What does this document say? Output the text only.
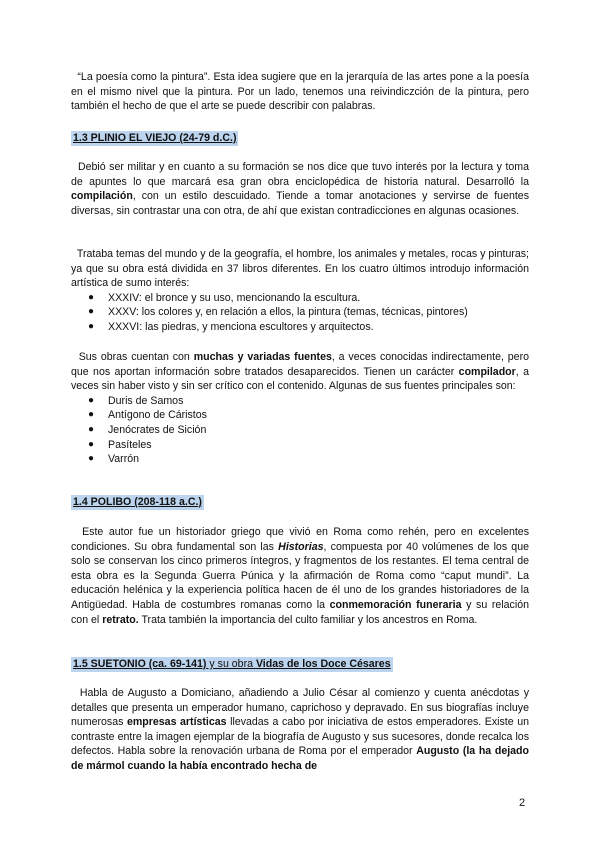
“La poesía como la pintura”. Esta idea sugiere que en la jerarquía de las artes pone a la poesía en el mismo nivel que la pintura. Por un lado, tenemos una reivindiczción de la pintura, pero también el hecho de que el arte se puede describir con palabras.

1.3 PLINIO EL VIEJO (24-79 d.C.)

Debió ser militar y en cuanto a su formación se nos dice que tuvo interés por la lectura y toma de apuntes lo que marcará esa gran obra enciclopédica de historia natural. Desarrolló la compilación, con un estilo descuidado. Tiende a tomar anotaciones y servirse de fuentes diversas, sin contrastar una con otra, de ahí que existan contradicciones en algunas ocasiones.

Trataba temas del mundo y de la geografía, el hombre, los animales y metales, rocas y pinturas; ya que su obra está dividida en 37 libros diferentes. En los cuatro últimos introdujo información artística de sumo interés:

● XXXIV: el bronce y su uso, mencionando la escultura.
● XXXV: los colores y, en relación a ellos, la pintura (temas, técnicas, pintores)
● XXXVI: las piedras, y menciona escultores y arquitectos.

Sus obras cuentan con muchas y variadas fuentes, a veces conocidas indirectamente, pero que nos aportan información sobre tratados desaparecidos. Tienen un carácter compilador, a veces sin haber visto y sin ser crítico con el contenido. Algunas de sus fuentes principales son:

● Duris de Samos
● Antígono de Cáristos
● Jenócrates de Sición
● Pasíteles
● Varrón
1.4 POLIBO (208-118 a.C.)

Este autor fue un historiador griego que vivió en Roma como rehén, pero en excelentes condiciones. Su obra fundamental son las Historias, compuesta por 40 volúmenes de los que solo se conservan los cinco primeros íntegros, y fragmentos de los restantes. El tema central de esta obra es la Segunda Guerra Púnica y la afirmación de Roma como “caput mundi”. La educación helénica y la experiencia política hacen de él uno de los grandes historiadores de la Antigüedad. Habla de costumbres romanas como la conmemoración funeraria y su relación con el retrato. Trata también la importancia del culto familiar y los ancestros en Roma.

1.5 SUETONIO (ca. 69-141) y su obra Vidas de los Doce Césares

Habla de Augusto a Domiciano, añadiendo a Julio César al comienzo y cuenta anécdotas y detalles que presenta un emperador humano, caprichoso y depravado. En sus biografías incluye numerosas empresas artísticas llevadas a cabo por iniciativa de estos emperadores. Existe un contraste entre la imagen ejemplar de la biografía de Augusto y sus sucesores, donde recalca los defectos. Habla sobre la renovación urbana de Roma por el emperador Augusto (la ha dejado de mármol cuando la había encontrado hecha de

2
